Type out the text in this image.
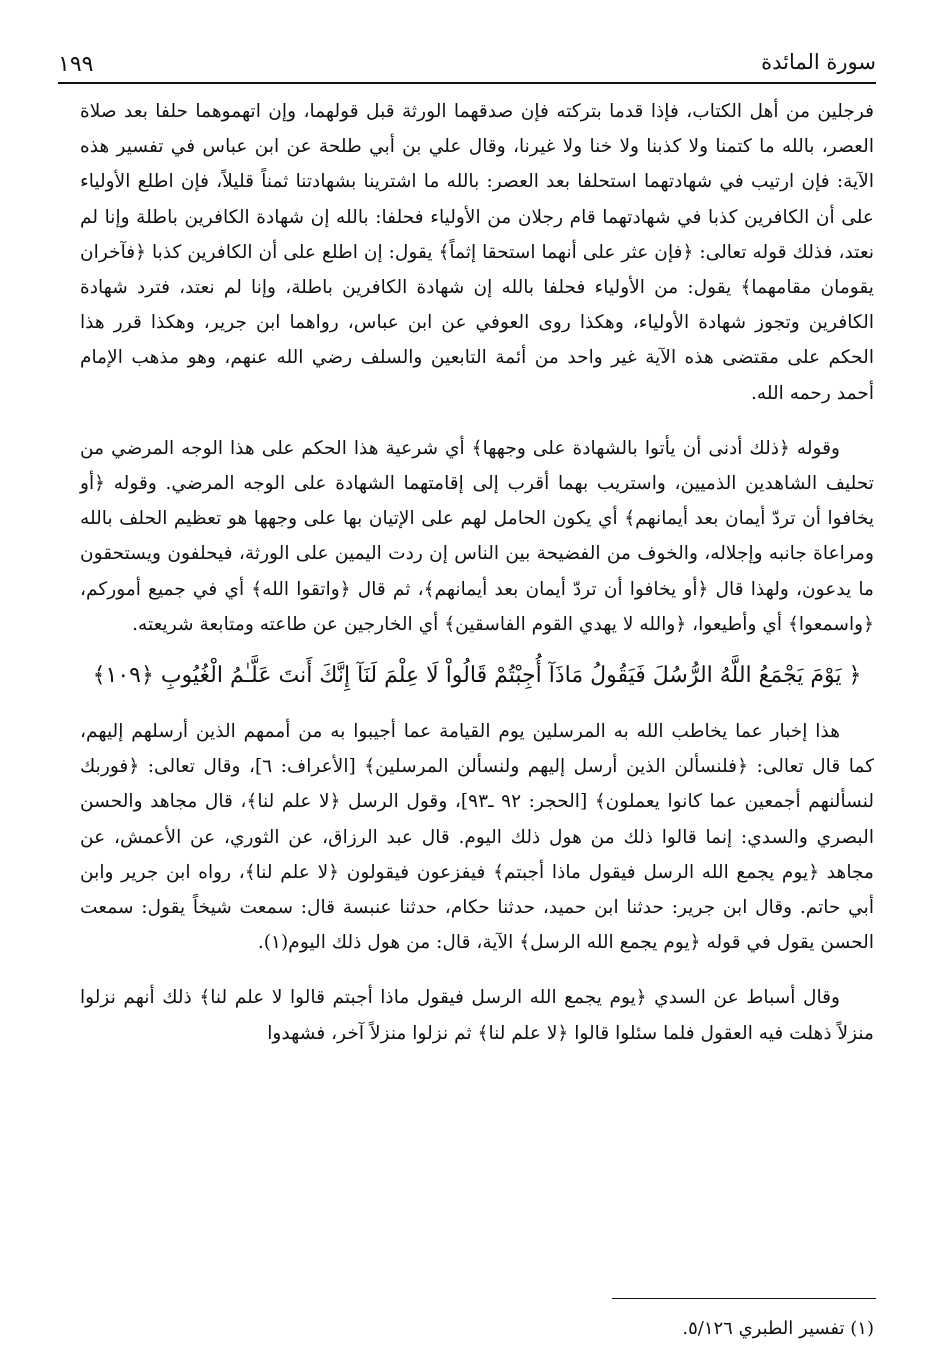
١٩٩	سورة المائدة

فرجلين من أهل الكتاب، فإذا قدما بتركته فإن صدقهما الورثة قبل قولهما، وإن اتهموهما حلفا بعد صلاة العصر، بالله ما كتمنا ولا كذبنا ولا خنا ولا غيرنا، وقال علي بن أبي طلحة عن ابن عباس في تفسير هذه الآية: فإن ارتيب في شهادتهما استحلفا بعد العصر: بالله ما اشترينا بشهادتنا ثمناً قليلاً، فإن اطلع الأولياء على أن الكافرين كذبا في شهادتهما قام رجلان من الأولياء فحلفا: بالله إن شهادة الكافرين باطلة وإنا لم نعتد، فذلك قوله تعالى: ﴿فإن عثر على أنهما استحقا إثماً﴾ يقول: إن اطلع على أن الكافرين كذبا ﴿فآخران يقومان مقامهما﴾ يقول: من الأولياء فحلفا بالله إن شهادة الكافرين باطلة، وإنا لم نعتد، فترد شهادة الكافرين وتجوز شهادة الأولياء، وهكذا روى العوفي عن ابن عباس، رواهما ابن جرير، وهكذا قرر هذا الحكم على مقتضى هذه الآية غير واحد من أئمة التابعين والسلف رضي الله عنهم، وهو مذهب الإمام أحمد رحمه الله.

وقوله ﴿ذلك أدنى أن يأتوا بالشهادة على وجهها﴾ أي شرعية هذا الحكم على هذا الوجه المرضي من تحليف الشاهدين الذميين، واستريب بهما أقرب إلى إقامتهما الشهادة على الوجه المرضي. وقوله ﴿أو يخافوا أن تردّ أيمان بعد أيمانهم﴾ أي يكون الحامل لهم على الإتيان بها على وجهها هو تعظيم الحلف بالله ومراعاة جانبه وإجلاله، والخوف من الفضيحة بين الناس إن ردت اليمين على الورثة، فيحلفون ويستحقون ما يدعون، ولهذا قال ﴿أو يخافوا أن تردّ أيمان بعد أيمانهم﴾، ثم قال ﴿واتقوا الله﴾ أي في جميع أموركم، ﴿واسمعوا﴾ أي وأطيعوا، ﴿والله لا يهدي القوم الفاسقين﴾ أي الخارجين عن طاعته ومتابعة شريعته.

﴿ يَوْمَ يَجْمَعُ اللَّهُ الرُّسُلَ فَيَقُولُ مَاذَآ أُجِبْتُمْ قَالُواْ لَا عِلْمَ لَنَآ إِنَّكَ أَنتَ عَلَّـٰمُ الْغُيُوبِ ﴿١٠٩﴾

هذا إخبار عما يخاطب الله به المرسلين يوم القيامة عما أجيبوا به من أممهم الذين أرسلهم إليهم، كما قال تعالى: ﴿فلنسألن الذين أرسل إليهم ولنسألن المرسلين﴾ [الأعراف: ٦]، وقال تعالى: ﴿فوربك لنسألنهم أجمعين عما كانوا يعملون﴾ [الحجر: ٩٢ ـ٩٣]، وقول الرسل ﴿لا علم لنا﴾، قال مجاهد والحسن البصري والسدي: إنما قالوا ذلك من هول ذلك اليوم. قال عبد الرزاق، عن الثوري، عن الأعمش، عن مجاهد ﴿يوم يجمع الله الرسل فيقول ماذا أجبتم﴾ فيفزعون فيقولون ﴿لا علم لنا﴾، رواه ابن جرير وابن أبي حاتم. وقال ابن جرير: حدثنا ابن حميد، حدثنا حكام، حدثنا عنبسة قال: سمعت شيخاً يقول: سمعت الحسن يقول في قوله ﴿يوم يجمع الله الرسل﴾ الآية، قال: من هول ذلك اليوم(١).

وقال أسباط عن السدي ﴿يوم يجمع الله الرسل فيقول ماذا أجبتم قالوا لا علم لنا﴾ ذلك أنهم نزلوا منزلاً ذهلت فيه العقول فلما سئلوا قالوا ﴿لا علم لنا﴾ ثم نزلوا منزلاً آخر، فشهدوا

(١) تفسير الطبري ٥/١٢٦.
